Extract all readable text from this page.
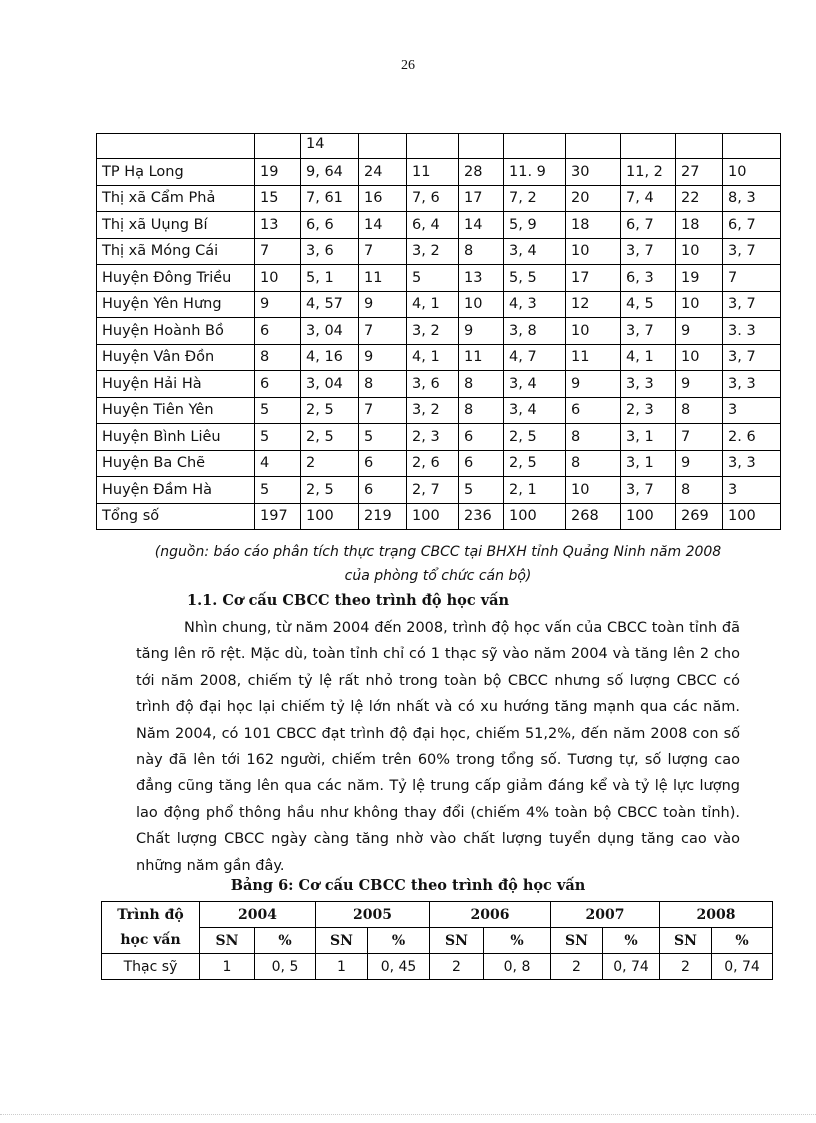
26
		14								
TP Hạ Long	19	9, 64	24	11	28	11. 9	30	11, 2	27	10
Thị xã Cẩm Phả	15	7, 61	16	7, 6	17	7, 2	20	7, 4	22	8, 3
Thị xã Uụng Bí	13	6, 6	14	6, 4	14	5, 9	18	6, 7	18	6, 7
Thị xã Móng Cái	7	3, 6	7	3, 2	8	3, 4	10	3, 7	10	3, 7
Huyện Đông Triều	10	5, 1	11	5	13	5, 5	17	6, 3	19	7
Huyện Yên Hưng	9	4, 57	9	4, 1	10	4, 3	12	4, 5	10	3, 7
Huyện Hoành Bồ	6	3, 04	7	3, 2	9	3, 8	10	3, 7	9	3. 3
Huyện Vân Đồn	8	4, 16	9	4, 1	11	4, 7	11	4, 1	10	3, 7
Huyện Hải Hà	6	3, 04	8	3, 6	8	3, 4	9	3, 3	9	3, 3
Huyện Tiên Yên	5	2, 5	7	3, 2	8	3, 4	6	2, 3	8	3
Huyện Bình Liêu	5	2, 5	5	2, 3	6	2, 5	8	3, 1	7	2. 6
Huyện Ba Chẽ	4	2	6	2, 6	6	2, 5	8	3, 1	9	3, 3
Huyện Đầm Hà	5	2, 5	6	2, 7	5	2, 1	10	3, 7	8	3
Tổng số	197	100	219	100	236	100	268	100	269	100
(nguồn: báo cáo phân tích thực trạng CBCC tại BHXH tỉnh Quảng Ninh năm 2008
của phòng tổ chức cán bộ)
1.1. Cơ cấu CBCC theo trình độ học vấn

Nhìn chung, từ năm 2004 đến 2008, trình độ học vấn của CBCC toàn tỉnh đã tăng lên rõ rệt. Mặc dù, toàn tỉnh chỉ có 1 thạc sỹ vào năm 2004 và tăng lên 2 cho tới năm 2008, chiếm tỷ lệ rất nhỏ trong toàn bộ CBCC nhưng số lượng CBCC có trình độ đại học lại chiếm tỷ lệ lớn nhất và có xu hướng tăng mạnh qua các năm. Năm 2004, có 101 CBCC đạt trình độ đại học, chiếm 51,2%, đến năm 2008 con số này đã lên tới 162 người, chiếm trên 60% trong tổng số. Tương tự, số lượng cao đẳng cũng tăng lên qua các năm. Tỷ lệ trung cấp giảm đáng kể và tỷ lệ lực lượng lao động phổ thông hầu như không thay đổi (chiếm 4% toàn bộ CBCC toàn tỉnh). Chất lượng CBCC ngày càng tăng nhờ vào chất lượng tuyển dụng tăng cao vào những năm gần đây.

Bảng 6: Cơ cấu CBCC theo trình độ học vấn
Trình độ	2004		2005		2006		2007		2008	
học vấn	SN	%	SN	%	SN	%	SN	%	SN	%
Thạc sỹ	1	0, 5	1	0, 45	2	0, 8	2	0, 74	2	0, 74
